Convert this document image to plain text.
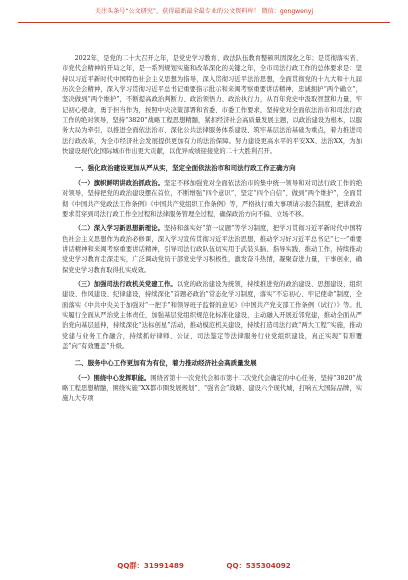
关注头条号“公文研究”，获得最新最全最专业的公文资料库！ 微信：gongwenyj

2022年，是党的二十大召开之年，是党史学习教育、政法队伍教育整顿巩固深化之年；是贯彻落实省、市党代会精神的开局之年，是一系列规划实施和改革深化的关键之年，全市司法行政工作的总体要求是：坚持以习近平新时代中国特色社会主义思想为指导，深入贯彻习近平法治思想，全面贯彻党的十九大和十九届历次全会精神，深入学习贯彻习近平总书记重要指示批示和来闽考察重要讲话精神，忠诚拥护“两个确立”，坚决做到“两个维护”，不断提高政治判断力、政治领悟力、政治执行力，从百年党史中汲取智慧和力量，牢记初心使命，勇于担当作为，按照中央决策部署和省委、市委工作要求，坚持党对全面依法治市和司法行政工作的绝对领导，坚持“3820”战略工程思想精髓，紧扣经济社会高质量发展主题，以政治建设为根本，以服务大局为牵引，以推进全面依法治市、深化公共法律服务体系建设、筑牢基层法治基础为重点，着力推进司法行政改革，为全市经济社会发展提供更加有力的法治保障。努力建设更高水平的平安XX、法治XX，为加快建设现代化国际城市作出更大贡献，以优异成绩迎接党的二十大胜利召开。

一、强化政治建设更加从严从实，坚定全面依法治市和司法行政工作正确方向

（一）旗帜鲜明讲政治抓政治。坚定不移加强党对全面依法治市的集中统一领导和对司法行政工作的绝对领导，坚持把党的政治建设摆在首位，不断增强“四个意识”、坚定“四个自信”、做到“两个维护”，全面贯彻《中国共产党政法工作条例》《中国共产党组织工作条例》等，严格执行重大事项请示报告制度，把讲政治要求贯穿到司法行政工作全过程和法律服务管理全过程，确保政治方向不偏、立场不移。

（二）深入学习新思想新理论。坚持和落实好“第一议题”等学习制度，把学习贯彻习近平新时代中国特色社会主义思想作为政治必修课，深入学习宣传贯彻习近平法治思想，推动学习好习近平总书记“七一”重要讲话精神和来闽考察重要讲话精神，引导司法行政队伍切实用于武装头脑、指导实践、推动工作，持续推动党史学习教育走深走实，广泛调动党员干部党史学习积极性，激发奋斗热情，凝聚奋进力量，干事创业，确保党史学习教育取得扎实成效。

（三）加强司法行政机关党建工作。以党的政治建设为统领，持续推进党的政治建设、思想建设、组织建设、作风建设、纪律建设，持续深化“首题必政治”常态化学习制度，落实“不忘初心、牢记使命”制度，全面落实《中共中央关于加强对“一把手”和领导班子监督的意见》《中国共产党支部工作条例（试行）》等。扎实履行全面从严治党主体责任，加强基层党组织规范化标准化建设，主动融入开展近邻党建，推动全面从严治党向基层延伸，持续深化“达标创星”活动，推动模范机关建设，持续打造司法行政“两大工程”实施，推动党建与业务工作融合，持续抓好律师、公证、司法鉴定等法律服务行业党组织建设，真正实现“有形覆盖”向“有效覆盖”升级。

二、服务中心工作更加有为有位，着力推动经济社会高质量发展

（一）围绕中心发挥职能。围绕省第十一次党代会和市第十二次党代会确定的中心任务，坚持“3820”战略工程思想精髓，围绕实施“XX都市圈发展规划”、“强省会”战略、建设六个现代城，打响五大国际品牌，实施九大专项

QQ群：31991489	QQ：535304092
